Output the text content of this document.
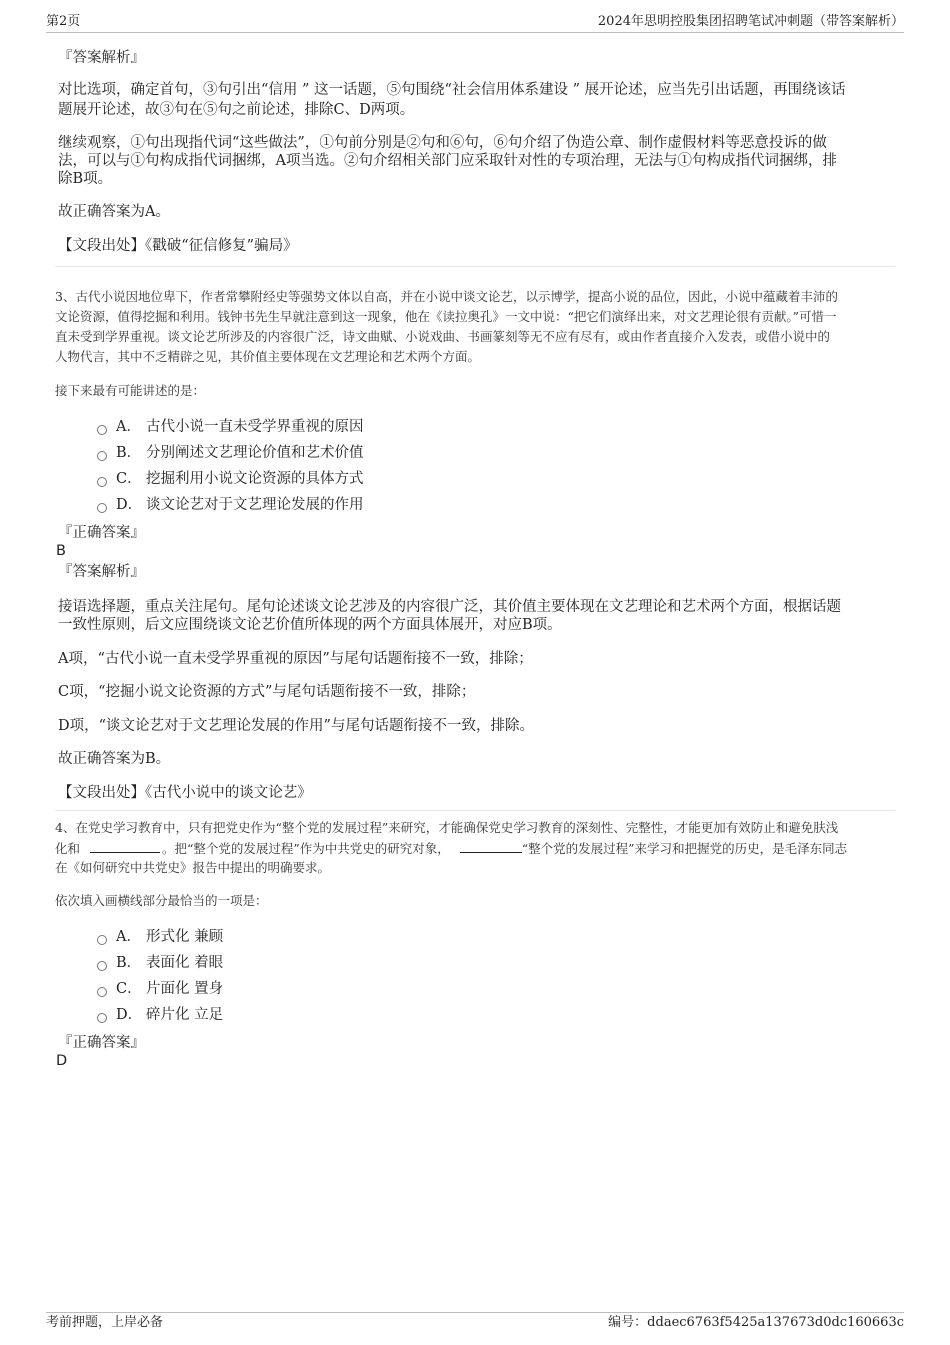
第2页	2024年思明控股集团招聘笔试冲刺题（带答案解析）
『答案解析』
对比选项，确定首句，③句引出“信用 ” 这一话题，⑤句围绕“社会信用体系建设 ” 展开论述，应当先引出话题，再围绕该话
题展开论述，故③句在⑤句之前论述，排除C、D两项。
继续观察，①句出现指代词“这些做法”，①句前分别是②句和⑥句，⑥句介绍了伪造公章、制作虚假材料等恶意投诉的做
法，可以与①句构成指代词捆绑，A项当选。②句介绍相关部门应采取针对性的专项治理，无法与①句构成指代词捆绑，排
除B项。
故正确答案为A。
【文段出处】《戳破“征信修复”骗局》
3、古代小说因地位卑下，作者常攀附经史等强势文体以自高，并在小说中谈文论艺，以示博学，提高小说的品位，因此，小说中蕴藏着丰沛的
文论资源，值得挖掘和利用。钱钟书先生早就注意到这一现象，他在《读拉奥孔》一文中说：“把它们演绎出来，对文艺理论很有贡献。”可惜一
直未受到学界重视。谈文论艺所涉及的内容很广泛，诗文曲赋、小说戏曲、书画篆刻等无不应有尽有，或由作者直接介入发表，或借小说中的
人物代言，其中不乏精辟之见，其价值主要体现在文艺理论和艺术两个方面。
接下来最有可能讲述的是：
A． 古代小说一直未受学界重视的原因
B． 分别阐述文艺理论价值和艺术价值
C． 挖掘利用小说文论资源的具体方式
D． 谈文论艺对于文艺理论发展的作用
『正确答案』
B
『答案解析』
接语选择题，重点关注尾句。尾句论述谈文论艺涉及的内容很广泛，其价值主要体现在文艺理论和艺术两个方面，根据话题
一致性原则，后文应围绕谈文论艺价值所体现的两个方面具体展开，对应B项。
A项，“古代小说一直未受学界重视的原因”与尾句话题衔接不一致，排除；
C项，“挖掘小说文论资源的方式”与尾句话题衔接不一致，排除；
D项，“谈文论艺对于文艺理论发展的作用”与尾句话题衔接不一致，排除。
故正确答案为B。
【文段出处】《古代小说中的谈文论艺》
4、在党史学习教育中，只有把党史作为“整个党的发展过程”来研究，才能确保党史学习教育的深刻性、完整性，才能更加有效防止和避免肤浅
化和	。把“整个党的发展过程”作为中共党史的研究对象，	“整个党的发展过程”来学习和把握党的历史，是毛泽东同志
在《如何研究中共党史》报告中提出的明确要求。
依次填入画横线部分最恰当的一项是：
A． 形式化 兼顾
B． 表面化 着眼
C． 片面化 置身
D． 碎片化 立足
『正确答案』
D
考前押题，上岸必备	编号：ddaec6763f5425a137673d0dc160663c
